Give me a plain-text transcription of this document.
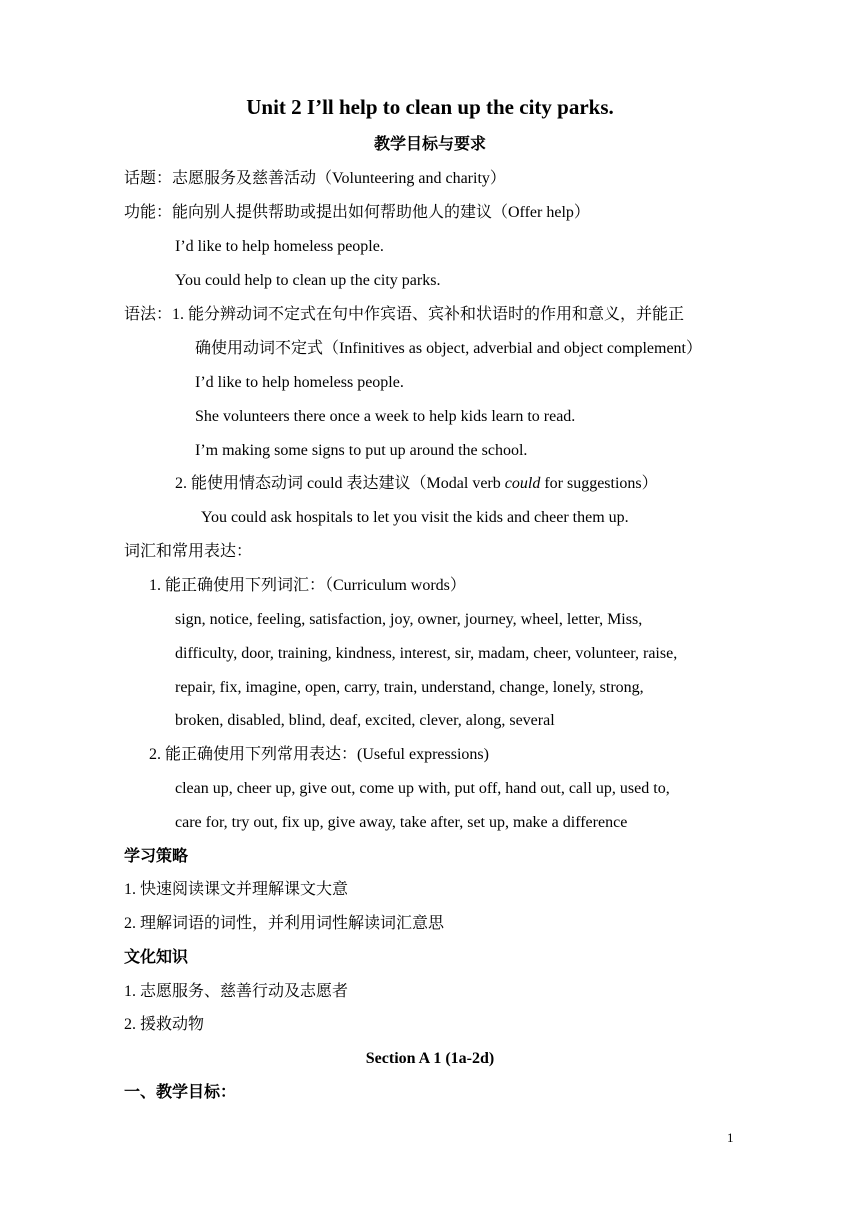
Unit 2 I’ll help to clean up the city parks.
教学目标与要求
话题：志愿服务及慈善活动（Volunteering and charity）
功能：能向别人提供帮助或提出如何帮助他人的建议（Offer help）
I’d like to help homeless people.
You could help to clean up the city parks.
语法：1. 能分辨动词不定式在句中作宾语、宾补和状语时的作用和意义，并能正
确使用动词不定式（Infinitives as object, adverbial and object complement）
I’d like to help homeless people.
She volunteers there once a week to help kids learn to read.
I’m making some signs to put up around the school.
2. 能使用情态动词 could 表达建议（Modal verb could for suggestions）
You could ask hospitals to let you visit the kids and cheer them up.
词汇和常用表达：
1. 能正确使用下列词汇：（Curriculum words）
sign, notice, feeling, satisfaction, joy, owner, journey, wheel, letter, Miss,
difficulty, door, training, kindness, interest, sir, madam, cheer, volunteer, raise,
repair, fix, imagine, open, carry, train, understand, change, lonely, strong,
broken, disabled, blind, deaf, excited, clever, along, several
2. 能正确使用下列常用表达：(Useful expressions)
clean up, cheer up, give out, come up with, put off, hand out, call up, used to,
care for, try out, fix up, give away, take after, set up, make a difference
学习策略
1. 快速阅读课文并理解课文大意
2. 理解词语的词性，并利用词性解读词汇意思
文化知识
1. 志愿服务、慈善行动及志愿者
2. 援救动物
Section A 1 (1a-2d)
一、教学目标：
1
